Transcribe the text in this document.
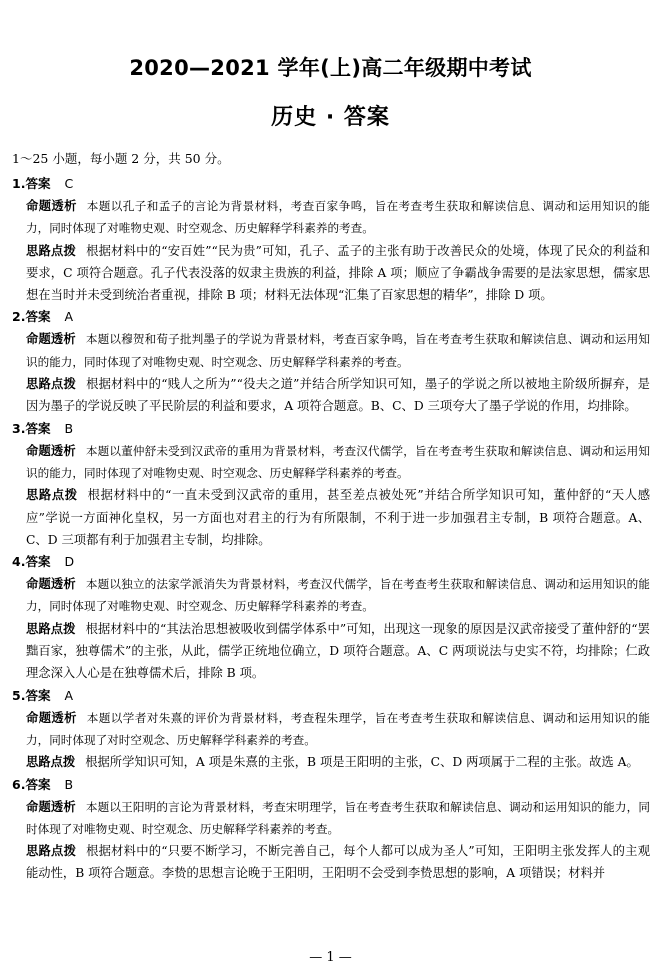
2020—2021 学年(上)高二年级期中考试
历史 · 答案
1～25 小题，每小题 2 分，共 50 分。
1.答案 C
命题透析 本题以孔子和孟子的言论为背景材料，考查百家争鸣，旨在考查考生获取和解读信息、调动和运用知识的能力，同时体现了对唯物史观、时空观念、历史解释学科素养的考查。
思路点拨 根据材料中的“安百姓”“民为贵”可知，孔子、孟子的主张有助于改善民众的处境，体现了民众的利益和要求，C 项符合题意。孔子代表没落的奴隶主贵族的利益，排除 A 项；顺应了争霸战争需要的是法家思想，儒家思想在当时并未受到统治者重视，排除 B 项；材料无法体现“汇集了百家思想的精华”，排除 D 项。
2.答案 A
命题透析 本题以穆贺和荀子批判墨子的学说为背景材料，考查百家争鸣，旨在考查考生获取和解读信息、调动和运用知识的能力，同时体现了对唯物史观、时空观念、历史解释学科素养的考查。
思路点拨 根据材料中的“贱人之所为”“役夫之道”并结合所学知识可知，墨子的学说之所以被地主阶级所摒弃，是因为墨子的学说反映了平民阶层的利益和要求，A 项符合题意。B、C、D 三项夸大了墨子学说的作用，均排除。
3.答案 B
命题透析 本题以董仲舒未受到汉武帝的重用为背景材料，考查汉代儒学，旨在考查考生获取和解读信息、调动和运用知识的能力，同时体现了对唯物史观、时空观念、历史解释学科素养的考查。
思路点拨 根据材料中的“一直未受到汉武帝的重用，甚至差点被处死”并结合所学知识可知，董仲舒的“天人感应”学说一方面神化皇权，另一方面也对君主的行为有所限制，不利于进一步加强君主专制，B 项符合题意。A、C、D 三项都有利于加强君主专制，均排除。
4.答案 D
命题透析 本题以独立的法家学派消失为背景材料，考查汉代儒学，旨在考查考生获取和解读信息、调动和运用知识的能力，同时体现了对唯物史观、时空观念、历史解释学科素养的考查。
思路点拨 根据材料中的“其法治思想被吸收到儒学体系中”可知，出现这一现象的原因是汉武帝接受了董仲舒的“罢黜百家，独尊儒术”的主张，从此，儒学正统地位确立，D 项符合题意。A、C 两项说法与史实不符，均排除；仁政理念深入人心是在独尊儒术后，排除 B 项。
5.答案 A
命题透析 本题以学者对朱熹的评价为背景材料，考查程朱理学，旨在考查考生获取和解读信息、调动和运用知识的能力，同时体现了对时空观念、历史解释学科素养的考查。
思路点拨 根据所学知识可知，A 项是朱熹的主张，B 项是王阳明的主张，C、D 两项属于二程的主张。故选 A。
6.答案 B
命题透析 本题以王阳明的言论为背景材料，考查宋明理学，旨在考查考生获取和解读信息、调动和运用知识的能力，同时体现了对唯物史观、时空观念、历史解释学科素养的考查。
思路点拨 根据材料中的“只要不断学习，不断完善自己，每个人都可以成为圣人”可知，王阳明主张发挥人的主观能动性，B 项符合题意。李贽的思想言论晚于王阳明，王阳明不会受到李贽思想的影响，A 项错误；材料并
— 1 —
